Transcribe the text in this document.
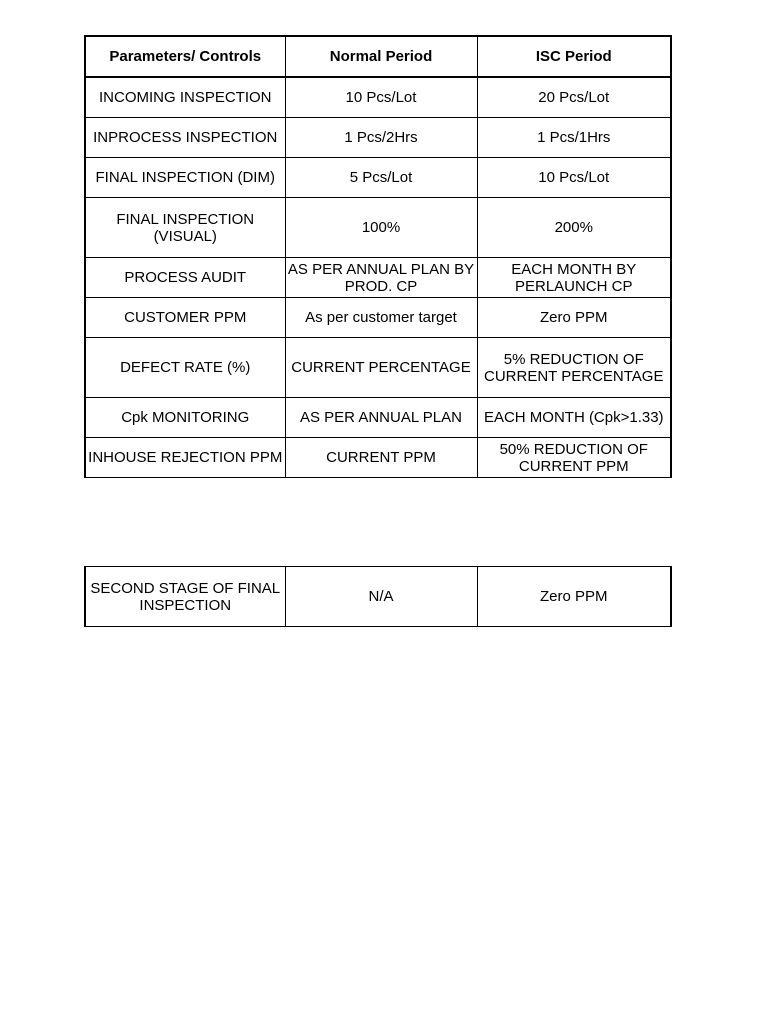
Parameters/ Controls	Normal Period	ISC Period
INCOMING INSPECTION	10 Pcs/Lot	20 Pcs/Lot
INPROCESS INSPECTION	1 Pcs/2Hrs	1 Pcs/1Hrs
FINAL INSPECTION (DIM)	5 Pcs/Lot	10 Pcs/Lot
FINAL INSPECTION (VISUAL)	100%	200%
PROCESS AUDIT	AS PER ANNUAL PLAN BY PROD. CP	EACH MONTH BY PERLAUNCH CP
CUSTOMER PPM	As per customer target	Zero PPM
DEFECT RATE (%)	CURRENT PERCENTAGE	5% REDUCTION OF CURRENT PERCENTAGE
Cpk MONITORING	AS PER ANNUAL PLAN	EACH MONTH (Cpk>1.33)
INHOUSE REJECTION PPM	CURRENT PPM	50% REDUCTION OF CURRENT PPM
SECOND STAGE OF FINAL INSPECTION	N/A	Zero PPM
